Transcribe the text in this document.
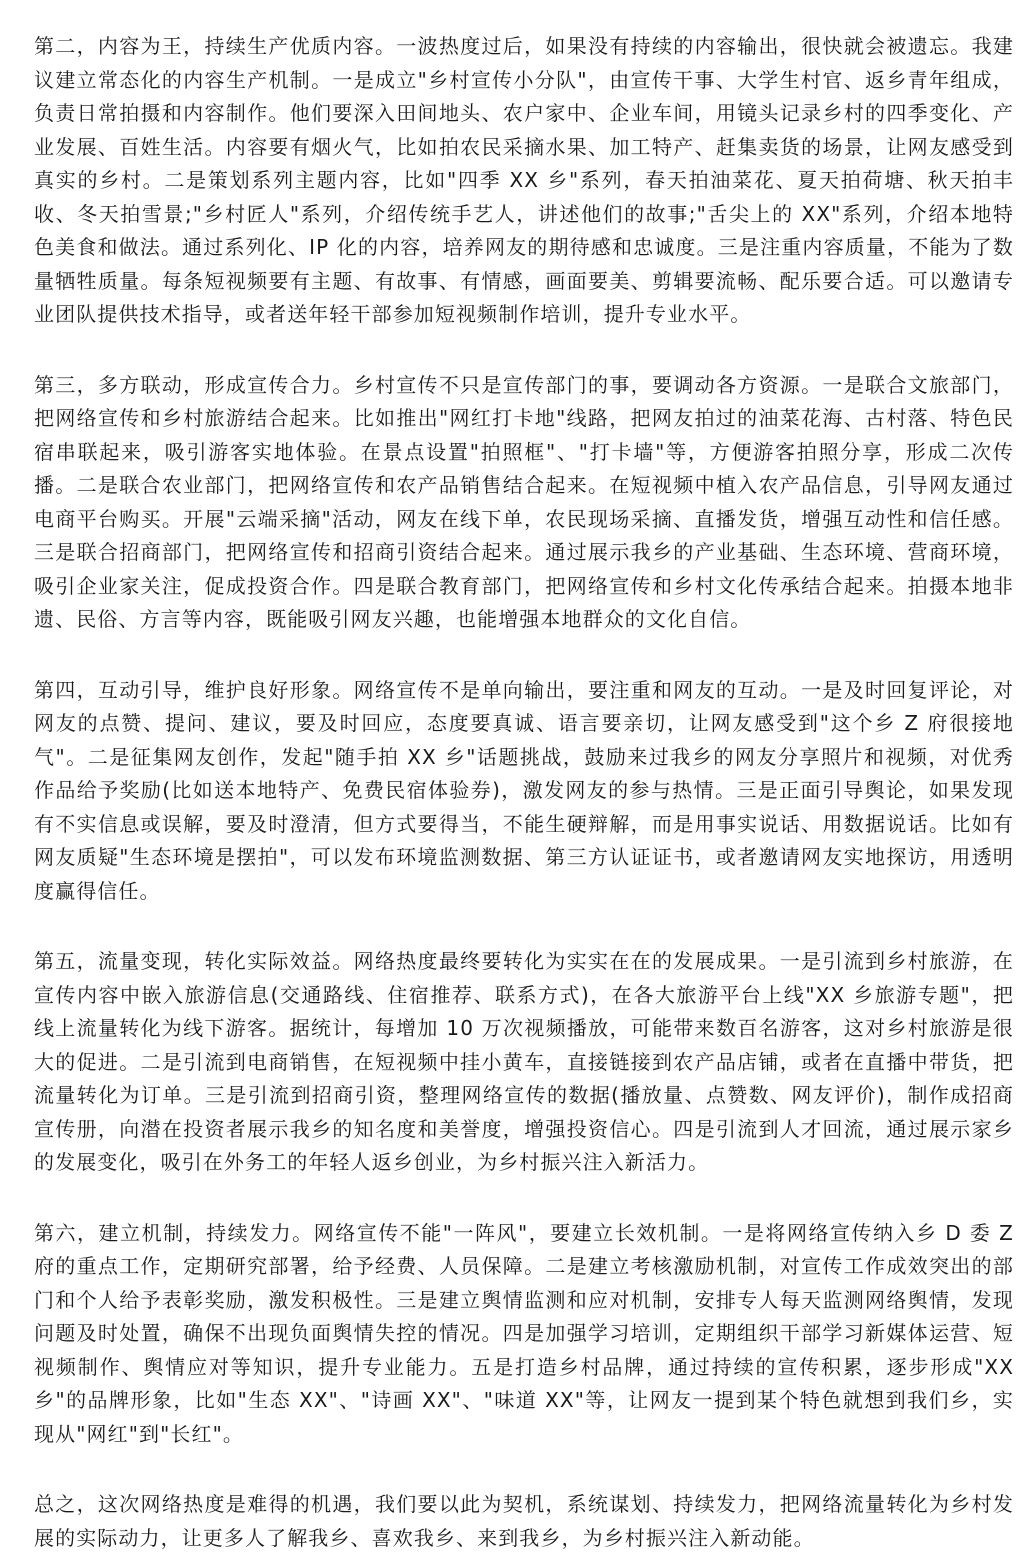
第二，内容为王，持续生产优质内容。一波热度过后，如果没有持续的内容输出，很快就会被遗忘。我建议建立常态化的内容生产机制。一是成立"乡村宣传小分队"，由宣传干事、大学生村官、返乡青年组成，负责日常拍摄和内容制作。他们要深入田间地头、农户家中、企业车间，用镜头记录乡村的四季变化、产业发展、百姓生活。内容要有烟火气，比如拍农民采摘水果、加工特产、赶集卖货的场景，让网友感受到真实的乡村。二是策划系列主题内容，比如"四季 XX 乡"系列，春天拍油菜花、夏天拍荷塘、秋天拍丰收、冬天拍雪景;"乡村匠人"系列，介绍传统手艺人，讲述他们的故事;"舌尖上的 XX"系列，介绍本地特色美食和做法。通过系列化、IP 化的内容，培养网友的期待感和忠诚度。三是注重内容质量，不能为了数量牺牲质量。每条短视频要有主题、有故事、有情感，画面要美、剪辑要流畅、配乐要合适。可以邀请专业团队提供技术指导，或者送年轻干部参加短视频制作培训，提升专业水平。

第三，多方联动，形成宣传合力。乡村宣传不只是宣传部门的事，要调动各方资源。一是联合文旅部门，把网络宣传和乡村旅游结合起来。比如推出"网红打卡地"线路，把网友拍过的油菜花海、古村落、特色民宿串联起来，吸引游客实地体验。在景点设置"拍照框"、"打卡墙"等，方便游客拍照分享，形成二次传播。二是联合农业部门，把网络宣传和农产品销售结合起来。在短视频中植入农产品信息，引导网友通过电商平台购买。开展"云端采摘"活动，网友在线下单，农民现场采摘、直播发货，增强互动性和信任感。三是联合招商部门，把网络宣传和招商引资结合起来。通过展示我乡的产业基础、生态环境、营商环境，吸引企业家关注，促成投资合作。四是联合教育部门，把网络宣传和乡村文化传承结合起来。拍摄本地非遗、民俗、方言等内容，既能吸引网友兴趣，也能增强本地群众的文化自信。

第四，互动引导，维护良好形象。网络宣传不是单向输出，要注重和网友的互动。一是及时回复评论，对网友的点赞、提问、建议，要及时回应，态度要真诚、语言要亲切，让网友感受到"这个乡 Z 府很接地气"。二是征集网友创作，发起"随手拍 XX 乡"话题挑战，鼓励来过我乡的网友分享照片和视频，对优秀作品给予奖励(比如送本地特产、免费民宿体验券)，激发网友的参与热情。三是正面引导舆论，如果发现有不实信息或误解，要及时澄清，但方式要得当，不能生硬辩解，而是用事实说话、用数据说话。比如有网友质疑"生态环境是摆拍"，可以发布环境监测数据、第三方认证证书，或者邀请网友实地探访，用透明度赢得信任。

第五，流量变现，转化实际效益。网络热度最终要转化为实实在在的发展成果。一是引流到乡村旅游，在宣传内容中嵌入旅游信息(交通路线、住宿推荐、联系方式)，在各大旅游平台上线"XX 乡旅游专题"，把线上流量转化为线下游客。据统计，每增加 10 万次视频播放，可能带来数百名游客，这对乡村旅游是很大的促进。二是引流到电商销售，在短视频中挂小黄车，直接链接到农产品店铺，或者在直播中带货，把流量转化为订单。三是引流到招商引资，整理网络宣传的数据(播放量、点赞数、网友评价)，制作成招商宣传册，向潜在投资者展示我乡的知名度和美誉度，增强投资信心。四是引流到人才回流，通过展示家乡的发展变化，吸引在外务工的年轻人返乡创业，为乡村振兴注入新活力。

第六，建立机制，持续发力。网络宣传不能"一阵风"，要建立长效机制。一是将网络宣传纳入乡 D 委 Z 府的重点工作，定期研究部署，给予经费、人员保障。二是建立考核激励机制，对宣传工作成效突出的部门和个人给予表彰奖励，激发积极性。三是建立舆情监测和应对机制，安排专人每天监测网络舆情，发现问题及时处置，确保不出现负面舆情失控的情况。四是加强学习培训，定期组织干部学习新媒体运营、短视频制作、舆情应对等知识，提升专业能力。五是打造乡村品牌，通过持续的宣传积累，逐步形成"XX 乡"的品牌形象，比如"生态 XX"、"诗画 XX"、"味道 XX"等，让网友一提到某个特色就想到我们乡，实现从"网红"到"长红"。

总之，这次网络热度是难得的机遇，我们要以此为契机，系统谋划、持续发力，把网络流量转化为乡村发展的实际动力，让更多人了解我乡、喜欢我乡、来到我乡，为乡村振兴注入新动能。
